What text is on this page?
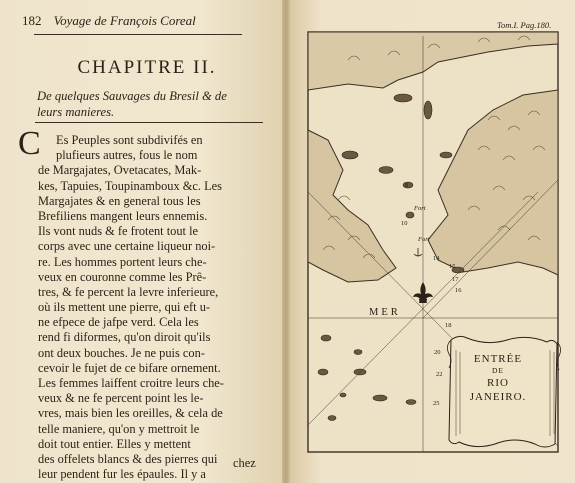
182 Voyage de François Coreal
CHAPITRE II.
De quelques Sauvages du Bresil & de
leurs manieres.
C	Es Peuples sont subdivifés en
plufieurs autres, fous le nom
de Margajates, Ovetacates, Mak-
kes, Tapuies, Toupinamboux &c. Les
Margajates & en general tous les
Brefiliens mangent leurs ennemis.
Ils vont nuds & fe frotent tout le
corps avec une certaine liqueur noi-
re. Les hommes portent leurs che-
veux en couronne comme les Prê-
tres, & fe percent la levre inferieure,
où ils mettent une pierre, qui eft u-
ne efpece de jafpe verd. Cela les
rend fi diformes, qu'on diroit qu'ils
ont deux bouches. Je ne puis con-
cevoir le fujet de ce bifare ornement.
Les femmes laiffent croitre leurs che-
veux & ne fe percent point les le-
vres, mais bien les oreilles, & cela de
telle maniere, qu'on y mettroit le
doit tout entier. Elles y mettent
des offelets blancs & des pierres qui
leur pendent fur les épaules. Il y a
chez
Tom.I. Pag.180.
MER
Fort
Fort
8
10
14
15
16
17
18
20
22
25
ENTRÉE
DE
RIO
JANEIRO.
